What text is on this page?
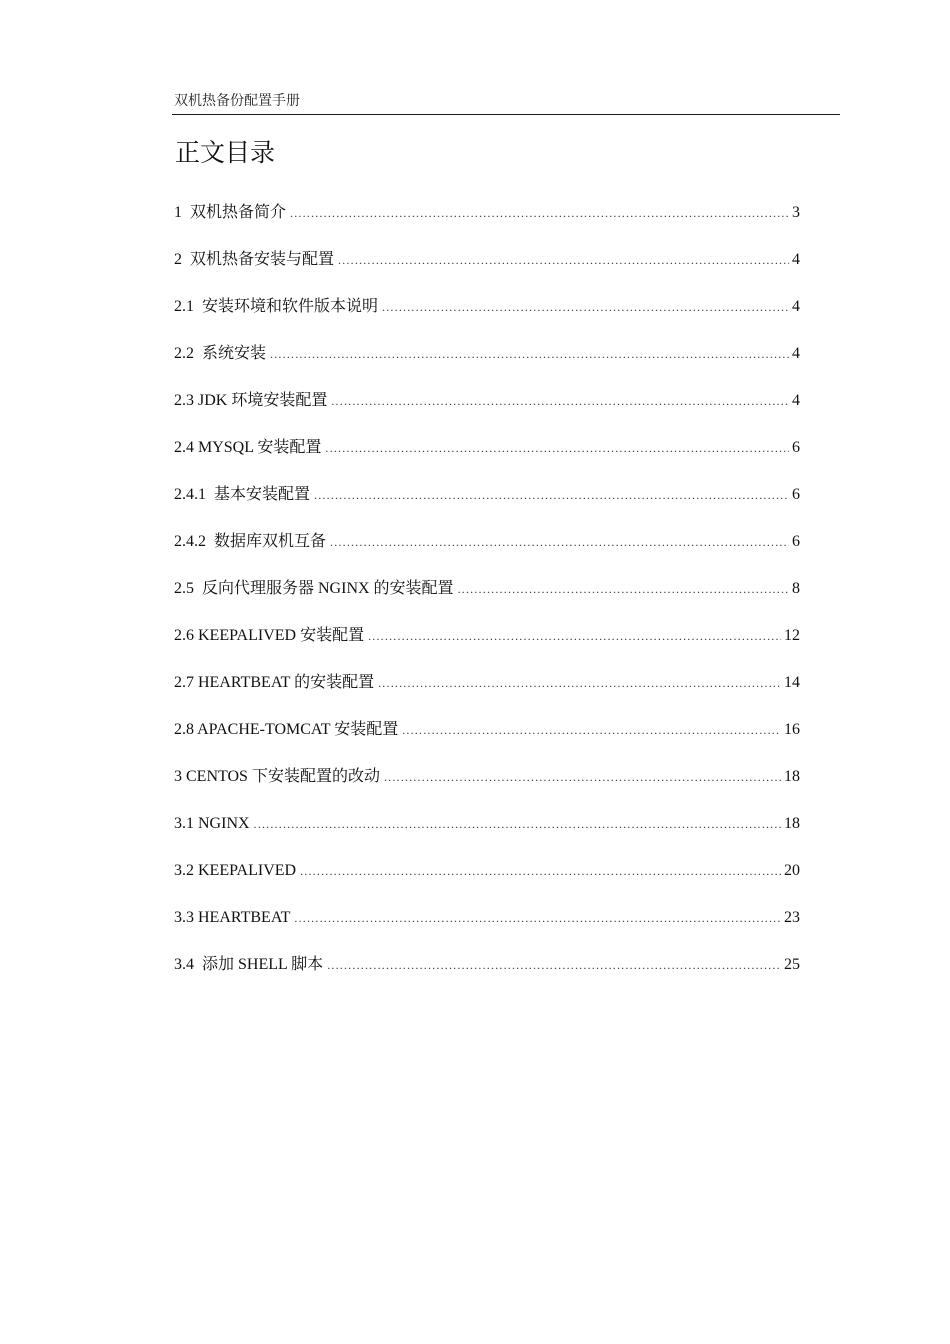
双机热备份配置手册
正文目录
1  双机热备简介 .....	3
2  双机热备安装与配置 .....	4
2.1  安装环境和软件版本说明 .....	4
2.2  系统安装 .....	4
2.3 JDK 环境安装配置 .....	4
2.4 MYSQL 安装配置 .....	6
2.4.1  基本安装配置 .....	6
2.4.2  数据库双机互备 .....	6
2.5  反向代理服务器 NGINX 的安装配置 .....	8
2.6 KEEPALIVED 安装配置 .....	12
2.7 HEARTBEAT 的安装配置 .....	14
2.8 APACHE-TOMCAT 安装配置 .....	16
3 CENTOS 下安装配置的改动 .....	18
3.1 NGINX .....	18
3.2 KEEPALIVED .....	20
3.3 HEARTBEAT .....	23
3.4  添加 SHELL 脚本 .....	25
